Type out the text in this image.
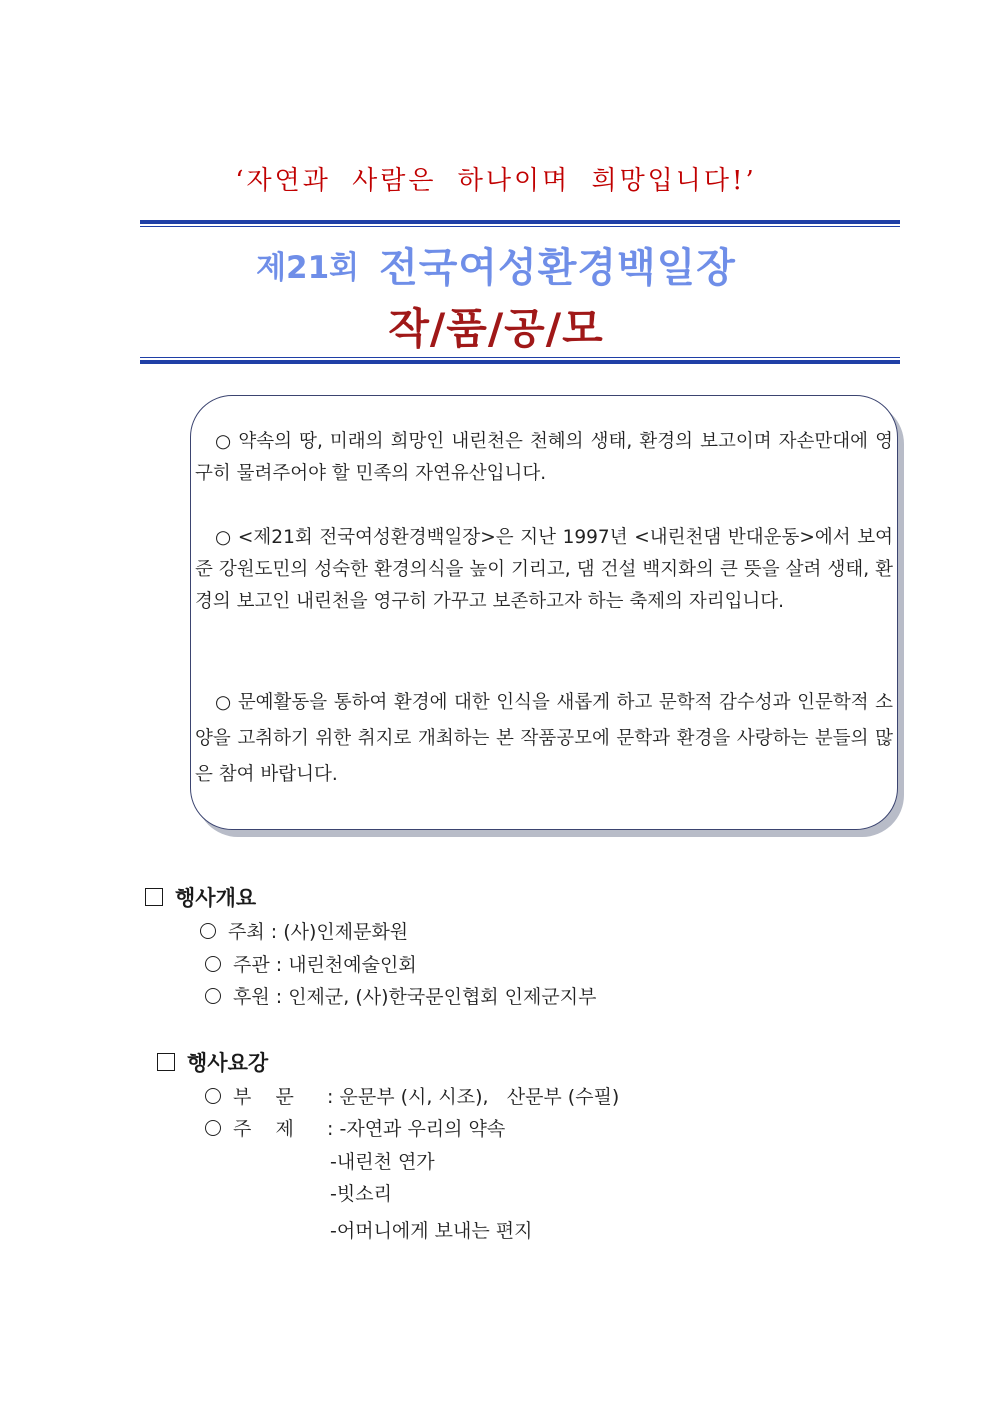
‘자연과 사람은 하나이며 희망입니다!’
제21회 전국여성환경백일장
작/품/공/모
○ 약속의 땅, 미래의 희망인 내린천은 천혜의 생태, 환경의 보고이며 자손만대에 영구히 물려주어야 할 민족의 자연유산입니다.
○ <제21회 전국여성환경백일장>은 지난 1997년 <내린천댐 반대운동>에서 보여 준 강원도민의 성숙한 환경의식을 높이 기리고, 댐 건설 백지화의 큰 뜻을 살려 생태, 환경의 보고인 내린천을 영구히 가꾸고 보존하고자 하는 축제의 자리입니다.
○ 문예활동을 통하여 환경에 대한 인식을 새롭게 하고 문학적 감수성과 인문학적 소양을 고취하기 위한 취지로 개최하는 본 작품공모에 문학과 환경을 사랑하는 분들의 많은 참여 바랍니다.
행사개요
주최 : (사)인제문화원
주관 : 내린천예술인회
후원 : 인제군, (사)한국문인협회 인제군지부
행사요강
부    문 : 운문부 (시, 시조),   산문부 (수필)
주    제 : -자연과 우리의 약속
-내린천 연가
-빗소리
-어머니에게 보내는 편지
